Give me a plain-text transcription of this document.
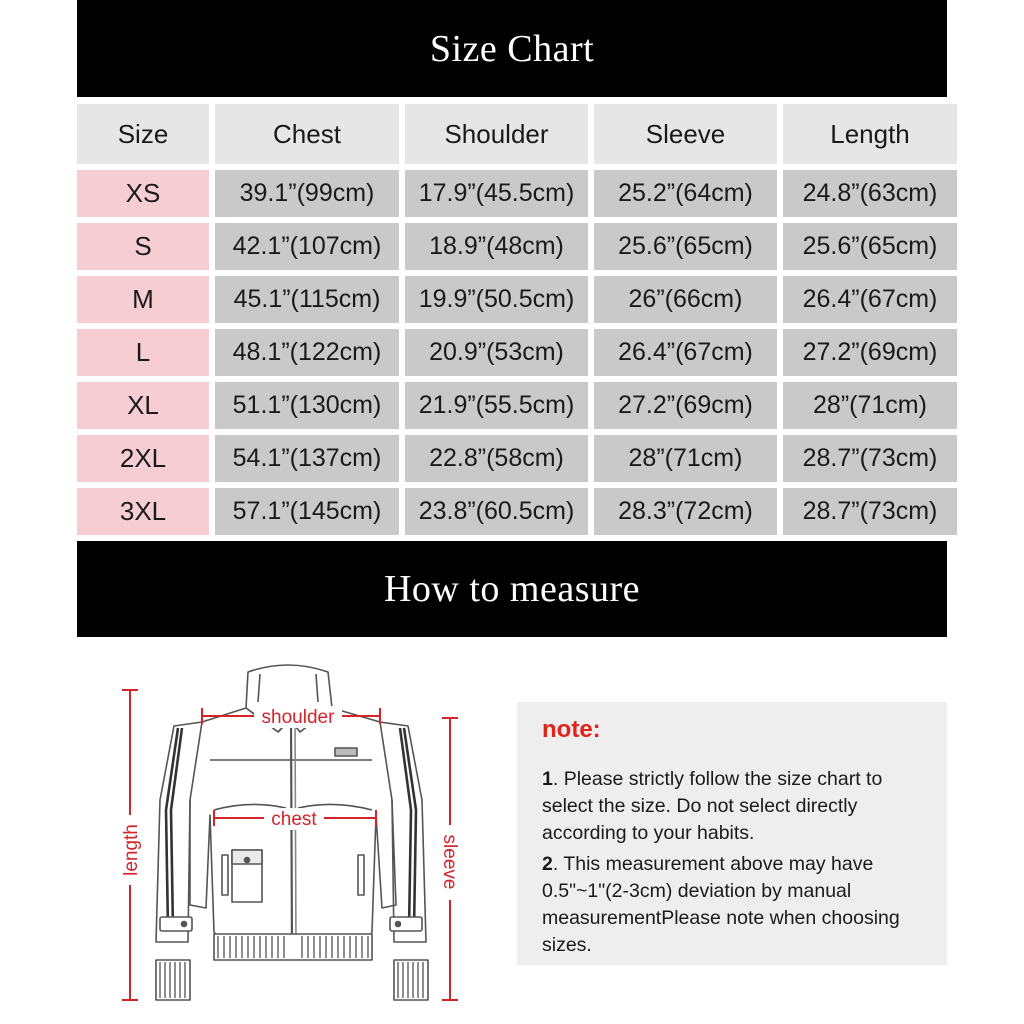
Size Chart
Size	Chest	Shoulder	Sleeve	Length
XS	39.1”(99cm)	17.9”(45.5cm)	25.2”(64cm)	24.8”(63cm)
S	42.1”(107cm)	18.9”(48cm)	25.6”(65cm)	25.6”(65cm)
M	45.1”(115cm)	19.9”(50.5cm)	26”(66cm)	26.4”(67cm)
L	48.1”(122cm)	20.9”(53cm)	26.4”(67cm)	27.2”(69cm)
XL	51.1”(130cm)	21.9”(55.5cm)	27.2”(69cm)	28”(71cm)
2XL	54.1”(137cm)	22.8”(58cm)	28”(71cm)	28.7”(73cm)
3XL	57.1”(145cm)	23.8”(60.5cm)	28.3”(72cm)	28.7”(73cm)
How to measure
shoulder
chest
length	sleeve
note:
1. Please strictly follow the size chart to select the size. Do not select directly according to your habits.
2. This measurement above may have 0.5"~1"(2-3cm) deviation by manual measurementPlease note when choosing sizes.
